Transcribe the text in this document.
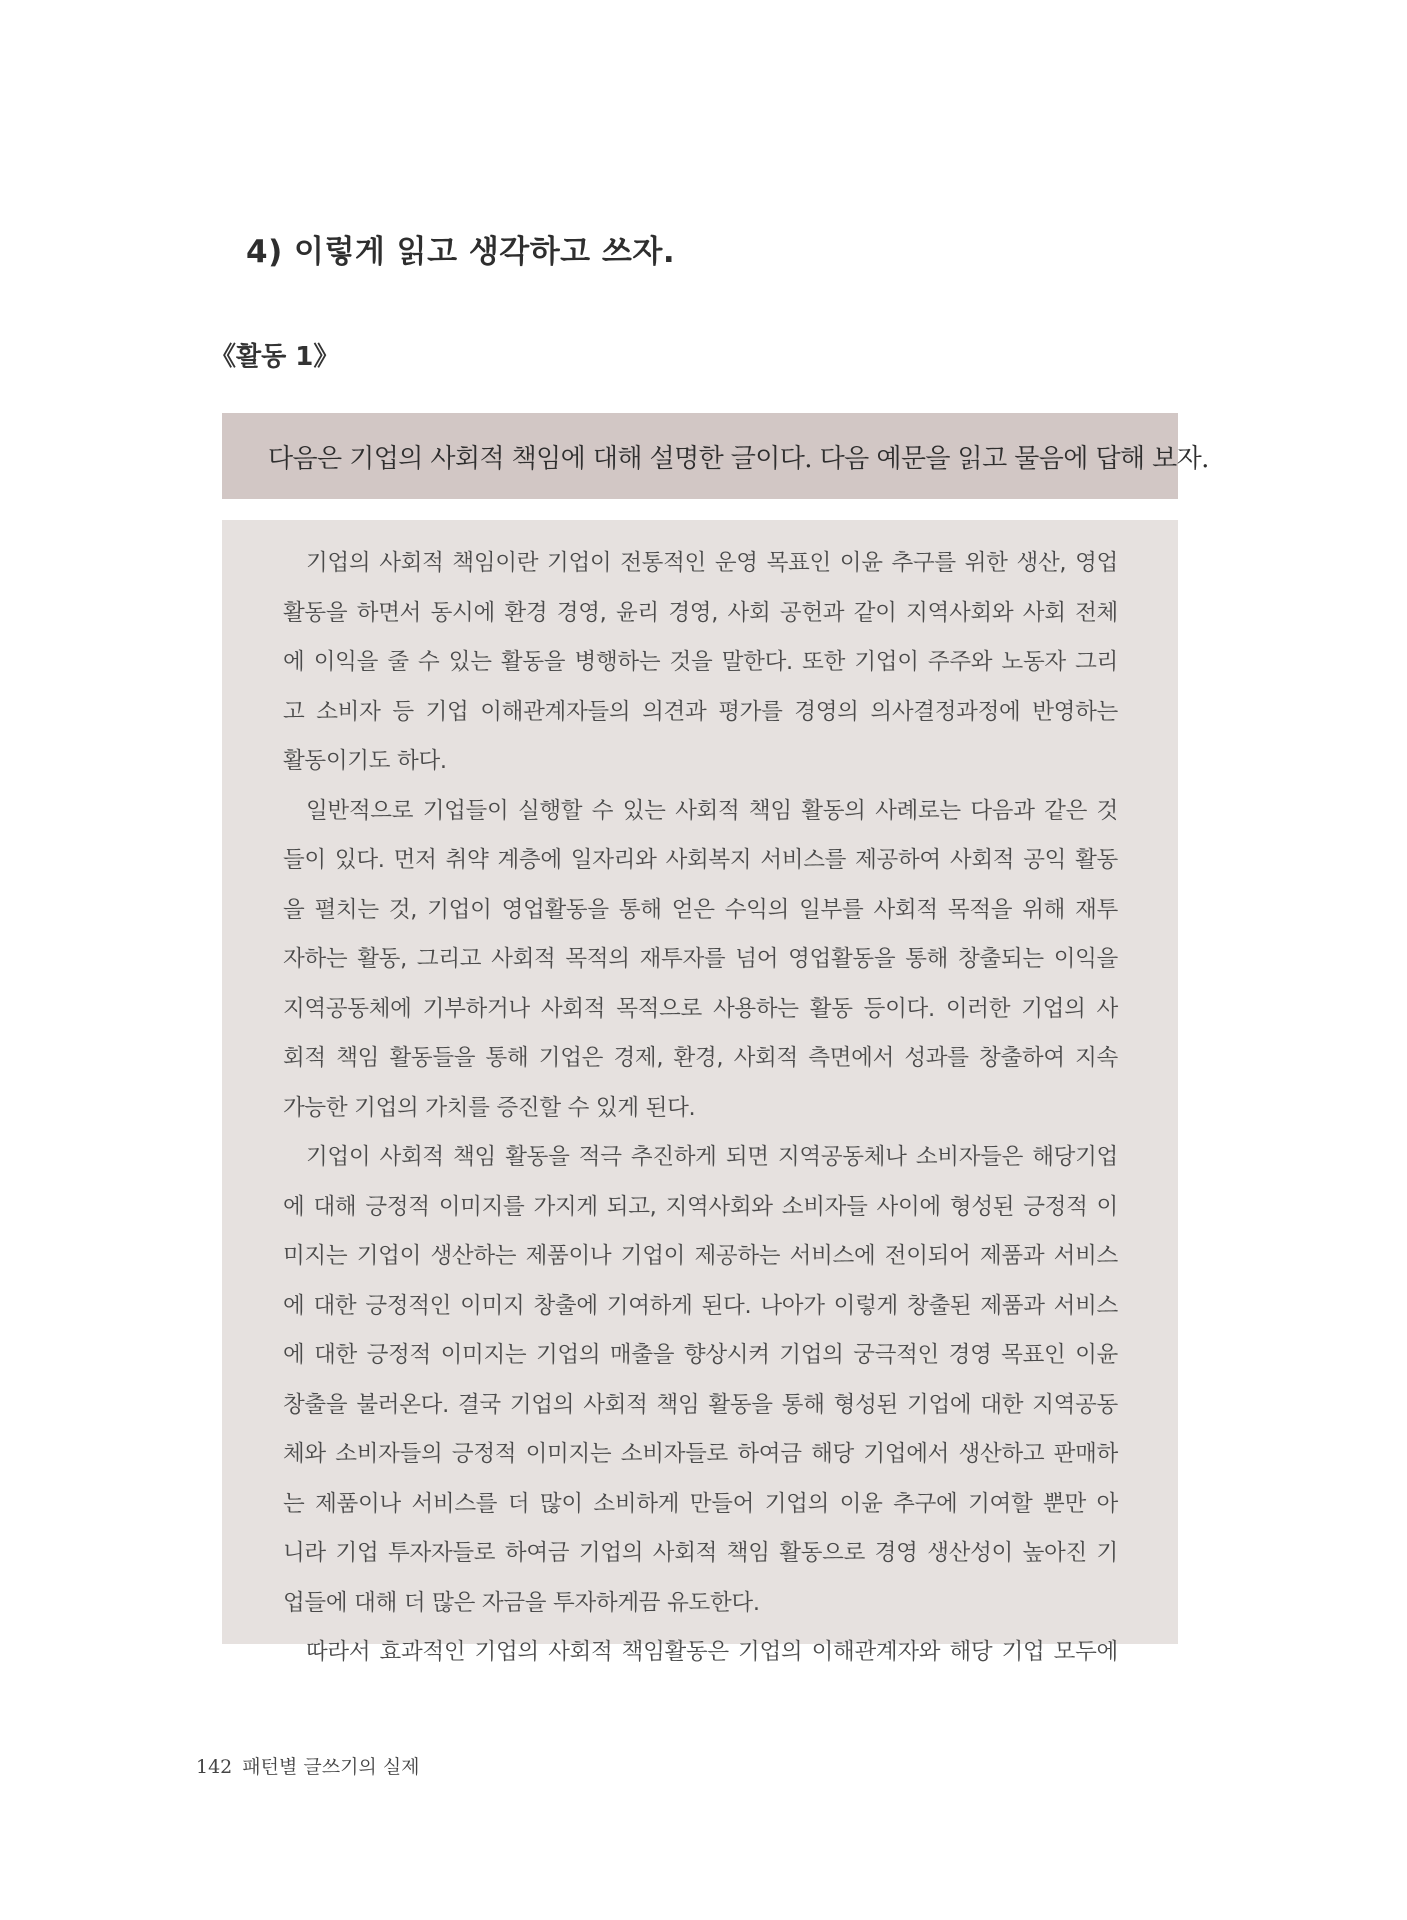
4) 이렇게 읽고 생각하고 쓰자.

《활동 1》

다음은 기업의 사회적 책임에 대해 설명한 글이다. 다음 예문을 읽고 물음에 답해 보자.
기업의 사회적 책임이란 기업이 전통적인 운영 목표인 이윤 추구를 위한 생산, 영업
활동을 하면서 동시에 환경 경영, 윤리 경영, 사회 공헌과 같이 지역사회와 사회 전체
에 이익을 줄 수 있는 활동을 병행하는 것을 말한다. 또한 기업이 주주와 노동자 그리
고 소비자 등 기업 이해관계자들의 의견과 평가를 경영의 의사결정과정에 반영하는
활동이기도 하다.
일반적으로 기업들이 실행할 수 있는 사회적 책임 활동의 사례로는 다음과 같은 것
들이 있다. 먼저 취약 계층에 일자리와 사회복지 서비스를 제공하여 사회적 공익 활동
을 펼치는 것, 기업이 영업활동을 통해 얻은 수익의 일부를 사회적 목적을 위해 재투
자하는 활동, 그리고 사회적 목적의 재투자를 넘어 영업활동을 통해 창출되는 이익을
지역공동체에 기부하거나 사회적 목적으로 사용하는 활동 등이다. 이러한 기업의 사
회적 책임 활동들을 통해 기업은 경제, 환경, 사회적 측면에서 성과를 창출하여 지속
가능한 기업의 가치를 증진할 수 있게 된다.
기업이 사회적 책임 활동을 적극 추진하게 되면 지역공동체나 소비자들은 해당기업
에 대해 긍정적 이미지를 가지게 되고, 지역사회와 소비자들 사이에 형성된 긍정적 이
미지는 기업이 생산하는 제품이나 기업이 제공하는 서비스에 전이되어 제품과 서비스
에 대한 긍정적인 이미지 창출에 기여하게 된다. 나아가 이렇게 창출된 제품과 서비스
에 대한 긍정적 이미지는 기업의 매출을 향상시켜 기업의 궁극적인 경영 목표인 이윤
창출을 불러온다. 결국 기업의 사회적 책임 활동을 통해 형성된 기업에 대한 지역공동
체와 소비자들의 긍정적 이미지는 소비자들로 하여금 해당 기업에서 생산하고 판매하
는 제품이나 서비스를 더 많이 소비하게 만들어 기업의 이윤 추구에 기여할 뿐만 아
니라 기업 투자자들로 하여금 기업의 사회적 책임 활동으로 경영 생산성이 높아진 기
업들에 대해 더 많은 자금을 투자하게끔 유도한다.
따라서 효과적인 기업의 사회적 책임활동은 기업의 이해관계자와 해당 기업 모두에
142 패턴별 글쓰기의 실제
